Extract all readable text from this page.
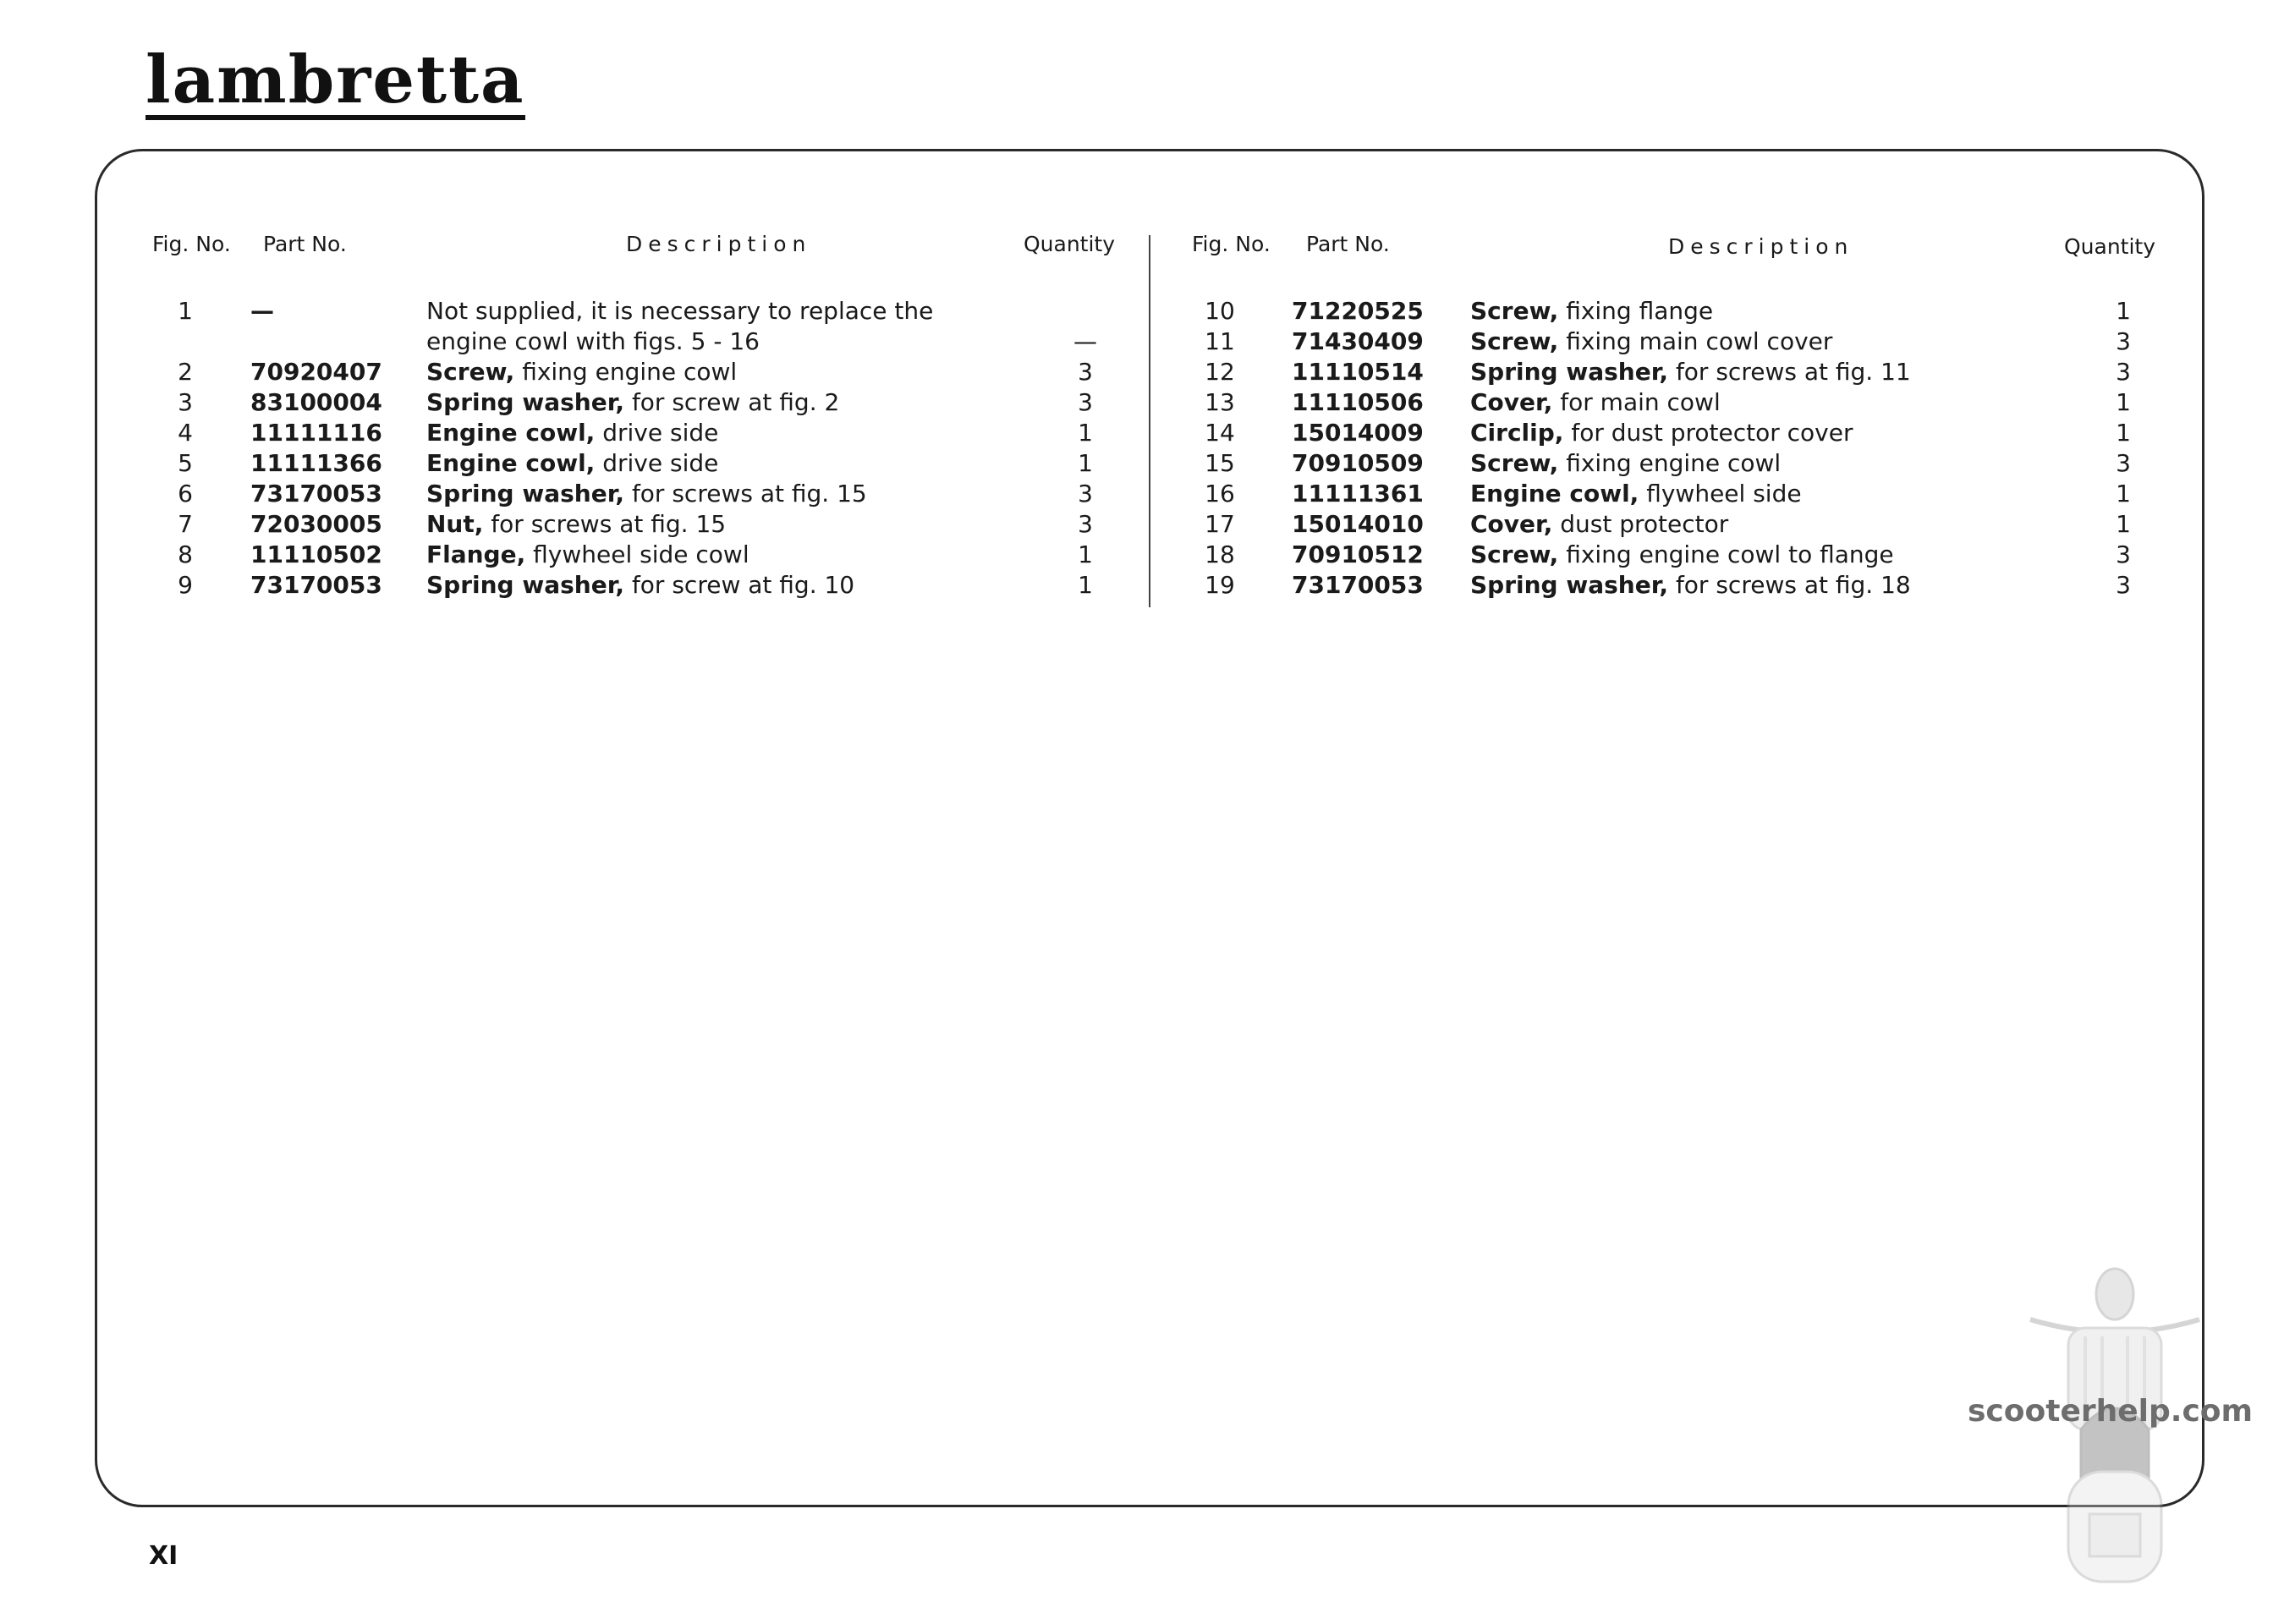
lambretta
Fig. No. Part No.	Description	Quantity	Fig. No. Part No.	Description	Quantity
1	—	Not supplied, it is necessary to replace the
engine cowl with figs. 5 - 16	—
2	70920407 Screw, fixing engine cowl	3
3	83100004 Spring washer, for screw at fig. 2	3
4	11111116 Engine cowl, drive side	1
5	11111366 Engine cowl, drive side	1
6	73170053 Spring washer, for screws at fig. 15	3
7	72030005 Nut, for screws at fig. 15	3
8	11110502 Flange, flywheel side cowl	1
9	73170053 Spring washer, for screw at fig. 10	1
10	71220525 Screw, fixing flange	1
11	71430409 Screw, fixing main cowl cover	3
12	11110514 Spring washer, for screws at fig. 11	3
13	11110506 Cover, for main cowl	1
14	15014009 Circlip, for dust protector cover	1
15	70910509 Screw, fixing engine cowl	3
16	11111361 Engine cowl, flywheel side	1
17	15014010 Cover, dust protector	1
18	70910512 Screw, fixing engine cowl to flange	3
19	73170053 Spring washer, for screws at fig. 18	3
scooterhelp.com
XI
